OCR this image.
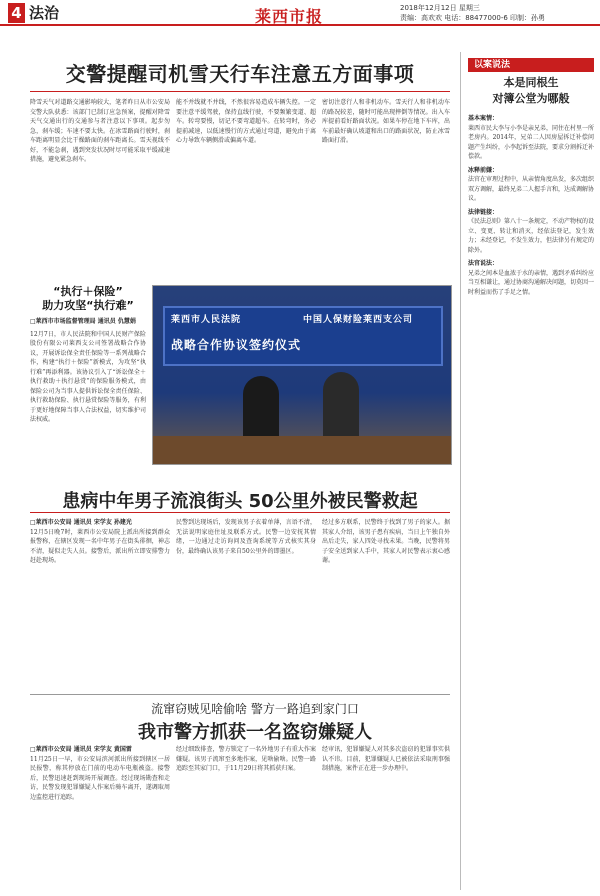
4 法治	莱西市报	2018年12月12日 星期三
责编：高欢欢 电话：88477000-6 印制：孙勇
交警提醒司机雪天行车注意五方面事项
降雪天气对道路交通影响较大，笔者昨日从市公安局交警大队获悉：该部门已制订应急预案，提醒对降雪天气交通出行的交通参与者注意以下事项。起步勿急，刹车缓；车速不要太快。在冰雪路面行驶时，刹车距离明显会比干燥路面的刹车距离长。雪天视线不好，不能急刹，遇到突发状况时尽可能采取平缓减速措施，避免紧急刹车。
能不并线就不并线，不然很容易造成车辆失控。一定要注意平缓驾驶，保持直线行驶，不要频繁变道、超车。转弯要慢，切记不要弯道超车。在转弯时，务必提前减速，以低速慢行的方式通过弯道，避免由于离心力导致车辆侧滑或偏离车道。
密切注意行人和非机动车。雪天行人和非机动车的路况较差，随时可能出现摔倒等情况。出入车库提前看好路面状况。如果车停在地下车库，出车前最好确认坡道和出口的路面状况，防止冰雪路面打滑。
“执行＋保险”
助力攻坚“执行难”
□莱西市市场监督管理局 通讯员 仇慧娟
12月7日，市人民法院和中国人民财产保险股份有限公司莱西支公司签署战略合作协议，开展诉讼保全责任保险等一系列战略合作，构建“执行＋保险”新模式，为攻坚“执行难”再添利器。该协议引入了“诉讼保全＋执行救助＋执行悬赏”的保险服务模式，由保险公司为当事人提供诉讼保全责任保险、执行救助保险、执行悬赏保险等服务，有利于更好地保障当事人合法权益，切实维护司法权威。
莱西市人民法院	中国人保财险莱西支公司
战略合作协议签约仪式
患病中年男子流浪街头 50公里外被民警救起
□莱西市公安局 通讯员 宋学友 孙建光
12月5日晚7时，莱西市公安局院上派出所接到群众报警称，在辖区发现一名中年男子在街头徘徊，神志不清，疑似走失人员。接警后，派出所立即安排警力赶赴现场。
民警到达现场后，发现该男子衣着单薄，言语不清，无法说明家庭住址及联系方式。民警一边安抚其情绪，一边通过走访询问及查询系统等方式核实其身份，最终确认该男子来自50公里外的即墨区。
经过多方联系，民警终于找到了男子的家人。据其家人介绍，该男子患有疾病，当日上午独自外出后走失，家人四处寻找未果。当晚，民警将男子安全送到家人手中，其家人对民警表示衷心感谢。
流窜窃贼见啥偷啥 警方一路追到家门口
我市警方抓获一名盗窃嫌疑人
□莱西市公安局 通讯员 宋学友 黄国雷
11月25日一早，市公安局滨河派出所接到辖区一居民报警，称其停放在门前的电动车电瓶被盗。接警后，民警迅速赶到现场开展调查。经过现场勘查和走访，民警发现犯罪嫌疑人作案后骑车离开，遂调取周边监控进行追踪。
经过细致排查，警方锁定了一名外地男子有重大作案嫌疑。该男子流窜至多地作案，见啥偷啥。民警一路追踪至其家门口，于11月29日将其抓获归案。
经审讯，犯罪嫌疑人对其多次盗窃的犯罪事实供认不讳。目前，犯罪嫌疑人已被依法采取刑事强制措施，案件正在进一步办理中。
以案说法
本是同根生
对簿公堂为哪般
基本案情：
莱西市民大李与小李是亲兄弟，同住在村里一所老房内。2014年，兄弟二人因房屋拆迁补偿问题产生纠纷，小李起诉至法院，要求分割拆迁补偿款。
冰释前嫌：
法官在审理过程中，从亲情角度出发，多次组织双方调解，最终兄弟二人握手言和，达成调解协议。
法律链接：
《民法总则》第八十一条规定，不动产物权的设立、变更、转让和消灭，经依法登记，发生效力；未经登记，不发生效力，但法律另有规定的除外。
法官说法：
兄弟之间本是血浓于水的亲情，遇到矛盾纠纷应当互相谦让，通过协商沟通解决问题，切莫因一时利益而伤了手足之情。
